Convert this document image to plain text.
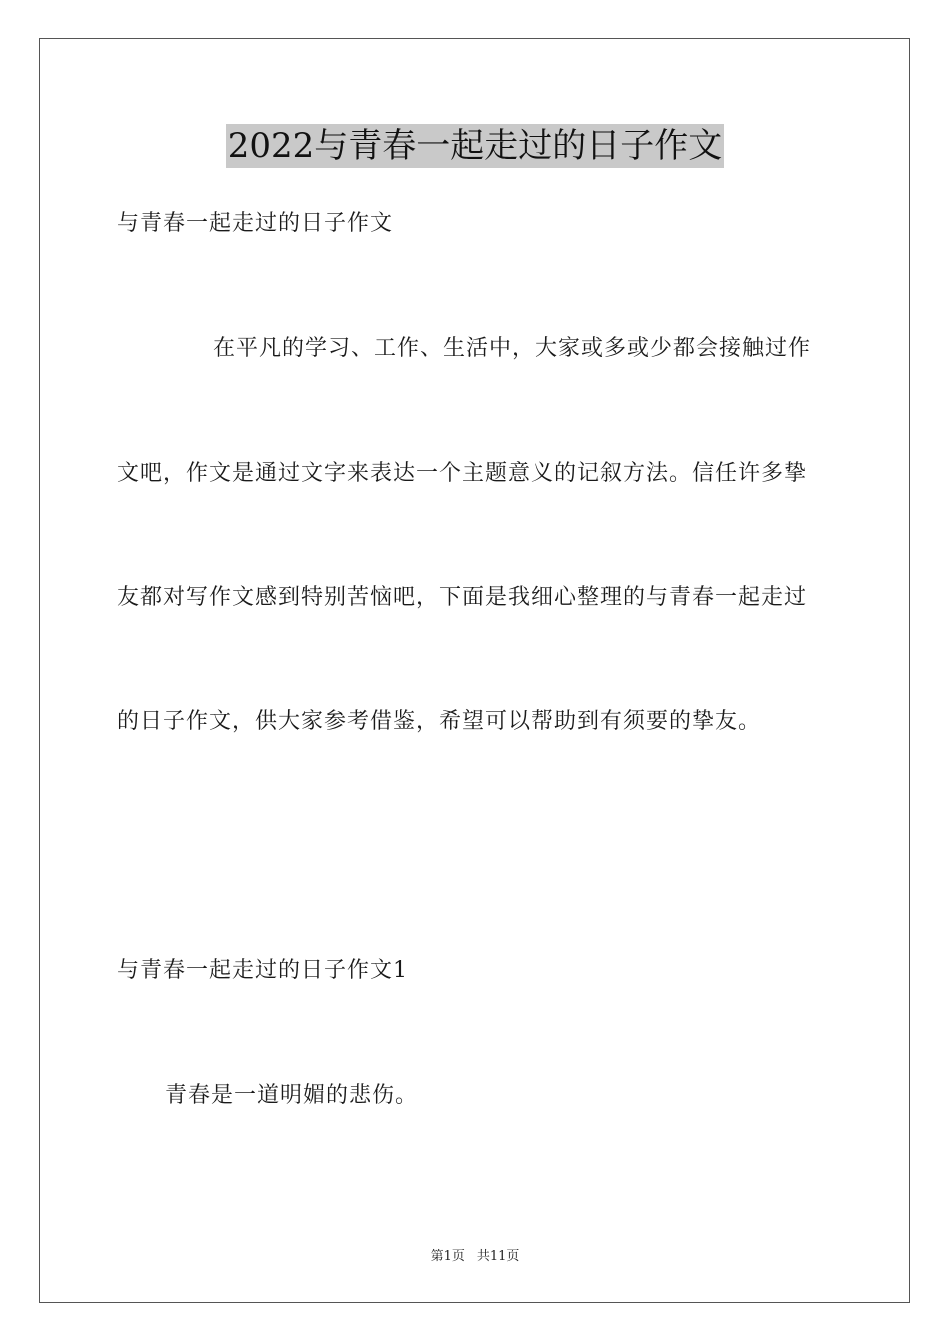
2022与青春一起走过的日子作文
与青春一起走过的日子作文
在平凡的学习、工作、生活中，大家或多或少都会接触过作
文吧，作文是通过文字来表达一个主题意义的记叙方法。信任许多挚
友都对写作文感到特别苦恼吧，下面是我细心整理的与青春一起走过
的日子作文，供大家参考借鉴，希望可以帮助到有须要的挚友。
与青春一起走过的日子作文1
青春是一道明媚的悲伤。
第1页 共11页
